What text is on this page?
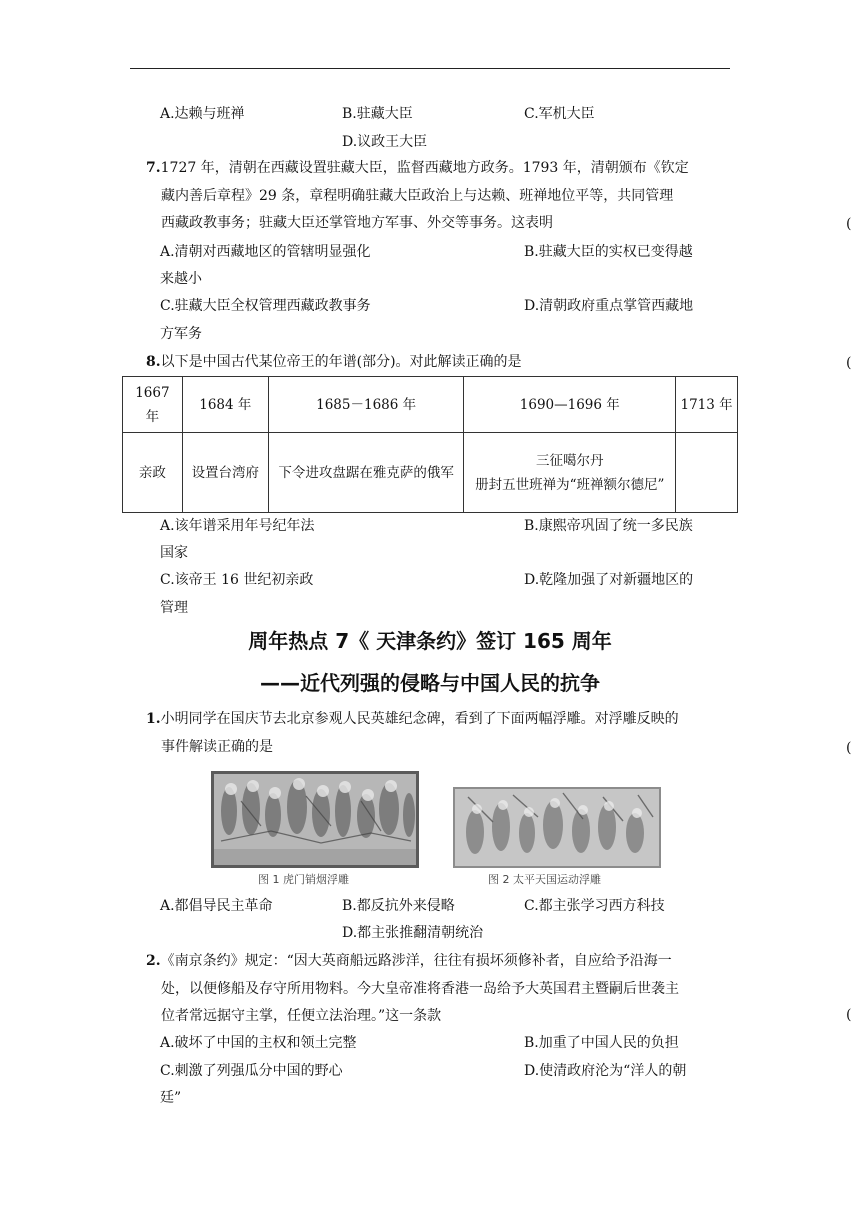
A.达赖与班禅	B.驻藏大臣	C.军机大臣
D.议政王大臣
7.1727 年，清朝在西藏设置驻藏大臣，监督西藏地方政务。1793 年，清朝颁布《钦定
藏内善后章程》29 条，章程明确驻藏大臣政治上与达赖、班禅地位平等，共同管理
西藏政教事务；驻藏大臣还掌管地方军事、外交等事务。这表明	(
A.清朝对西藏地区的管辖明显强化	B.驻藏大臣的实权已变得越
来越小
C.驻藏大臣全权管理西藏政教事务	D.清朝政府重点掌管西藏地
方军务
8.以下是中国古代某位帝王的年谱(部分)。对此解读正确的是	(
1667 年	1684 年	1685－1686 年	1690—1696 年	1713 年
亲政	设置台湾府	下令进攻盘踞在雅克萨的俄军	三征噶尔丹
册封五世班禅为“班禅额尔德尼”	
A.该年谱采用年号纪年法	B.康熙帝巩固了统一多民族
国家
C.该帝王 16 世纪初亲政	D.乾隆加强了对新疆地区的
管理
周年热点 7《 天津条约》签订 165 周年
——近代列强的侵略与中国人民的抗争
1.小明同学在国庆节去北京参观人民英雄纪念碑，看到了下面两幅浮雕。对浮雕反映的
事件解读正确的是	(
图 1 虎门销烟浮雕	图 2 太平天国运动浮雕
A.都倡导民主革命	B.都反抗外来侵略	C.都主张学习西方科技
D.都主张推翻清朝统治
2.《南京条约》规定：“因大英商船远路涉洋，往往有损坏须修补者，自应给予沿海一
处，以便修船及存守所用物料。今大皇帝准将香港一岛给予大英国君主暨嗣后世袭主
位者常远据守主掌，任便立法治理。”这一条款	(
A.破坏了中国的主权和领土完整	B.加重了中国人民的负担
C.刺激了列强瓜分中国的野心	D.使清政府沦为“洋人的朝
廷”
